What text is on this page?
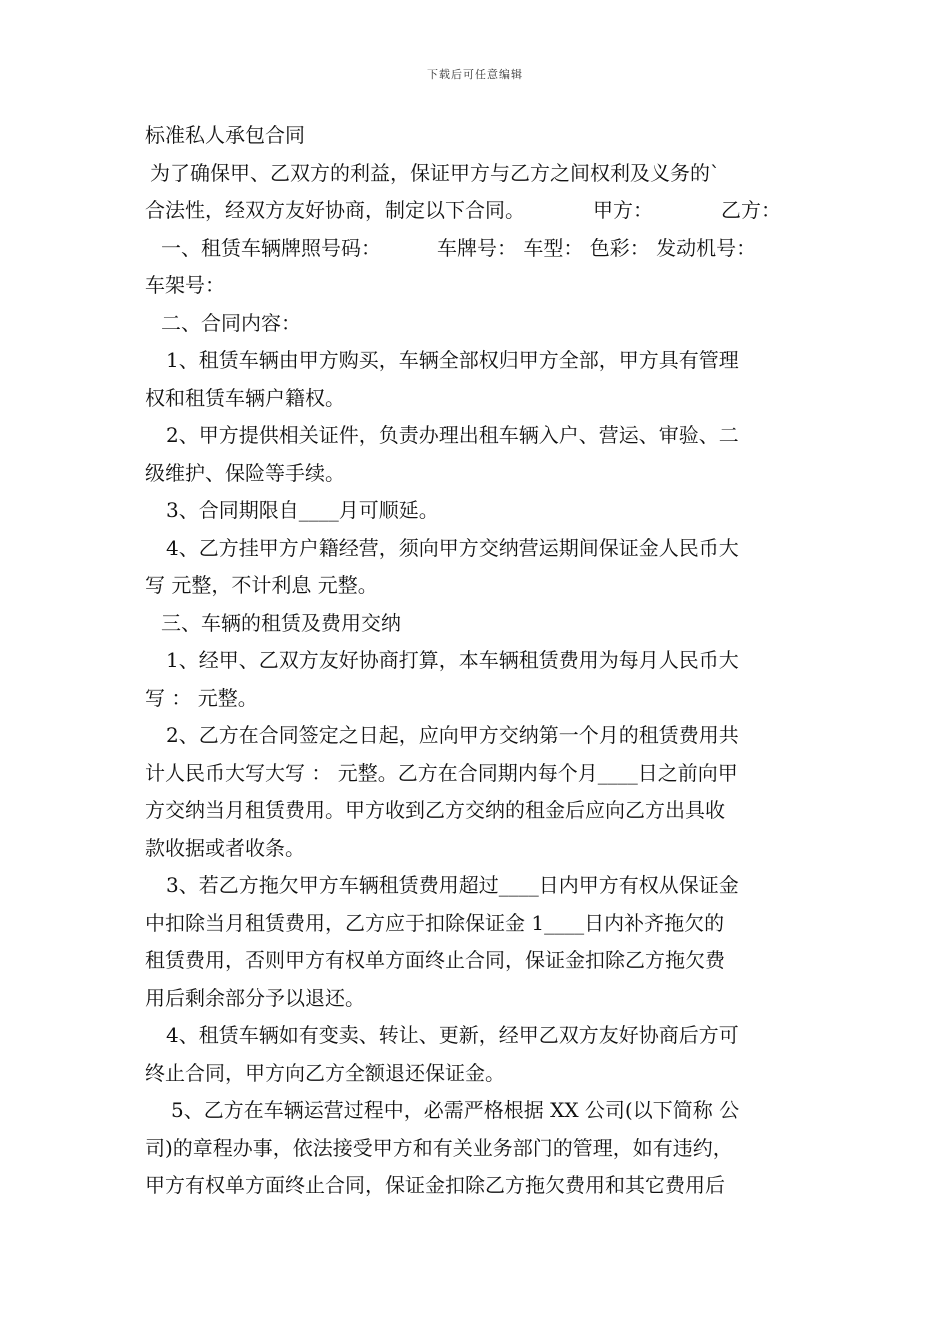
下载后可任意编辑
标准私人承包合同
为了确保甲、乙双方的利益，保证甲方与乙方之间权利及义务的`
合法性，经双方友好协商，制定以下合同。	甲方：	乙方：
一、租赁车辆牌照号码：	车牌号： 车型： 色彩： 发动机号：
车架号：
二、合同内容：
1、租赁车辆由甲方购买，车辆全部权归甲方全部，甲方具有管理
权和租赁车辆户籍权。
2、甲方提供相关证件，负责办理出租车辆入户、营运、审验、二
级维护、保险等手续。
3、合同期限自____月可顺延。
4、乙方挂甲方户籍经营，须向甲方交纳营运期间保证金人民币大
写 元整，不计利息 元整。
三、车辆的租赁及费用交纳
1、经甲、乙双方友好协商打算，本车辆租赁费用为每月人民币大
写 ： 元整。
2、乙方在合同签定之日起，应向甲方交纳第一个月的租赁费用共
计人民币大写大写 ： 元整。乙方在合同期内每个月____日之前向甲
方交纳当月租赁费用。甲方收到乙方交纳的租金后应向乙方出具收
款收据或者收条。
3、若乙方拖欠甲方车辆租赁费用超过____日内甲方有权从保证金
中扣除当月租赁费用，乙方应于扣除保证金 1____日内补齐拖欠的
租赁费用，否则甲方有权单方面终止合同，保证金扣除乙方拖欠费
用后剩余部分予以退还。
4、租赁车辆如有变卖、转让、更新，经甲乙双方友好协商后方可
终止合同，甲方向乙方全额退还保证金。
5、乙方在车辆运营过程中，必需严格根据 XX 公司(以下简称 公
司)的章程办事，依法接受甲方和有关业务部门的管理，如有违约，
甲方有权单方面终止合同，保证金扣除乙方拖欠费用和其它费用后
